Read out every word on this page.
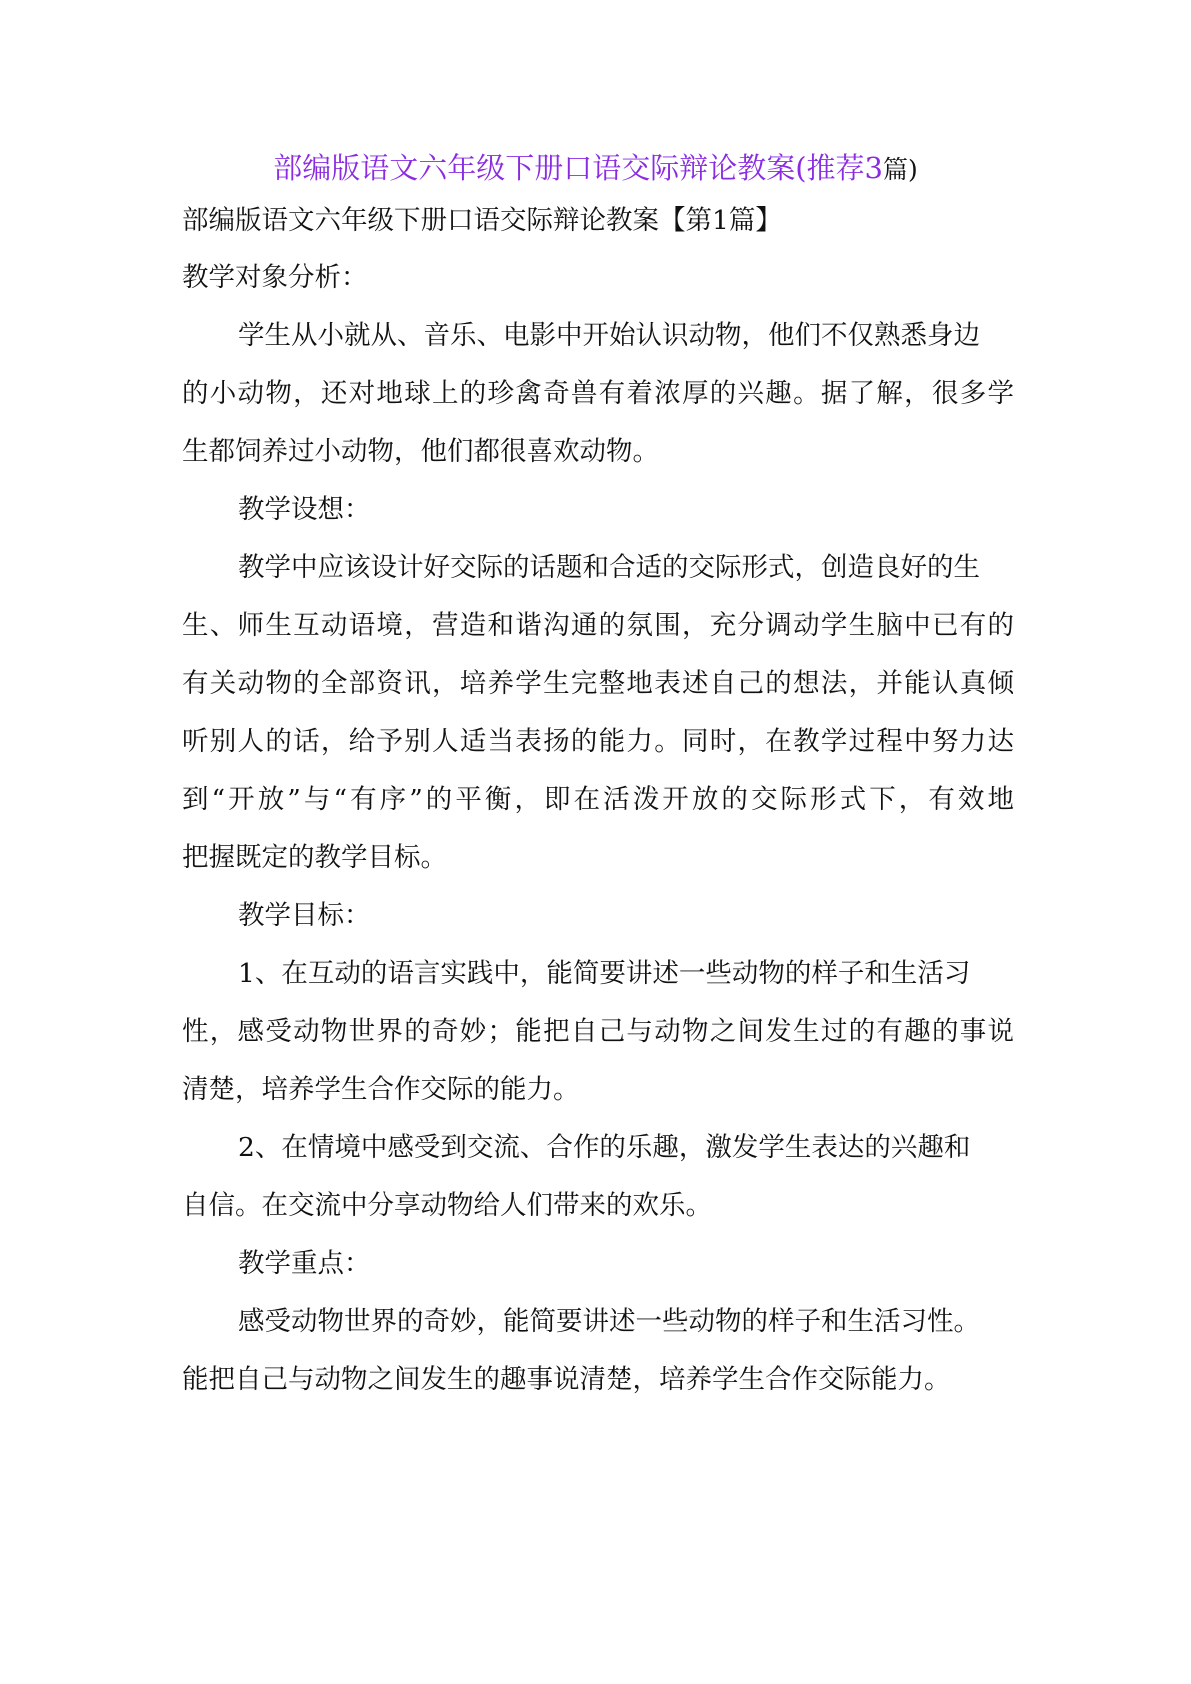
部编版语文六年级下册口语交际辩论教案(推荐3篇)
部编版语文六年级下册口语交际辩论教案【第1篇】
教学对象分析：
学生从小就从、音乐、电影中开始认识动物，他们不仅熟悉身边
的小动物，还对地球上的珍禽奇兽有着浓厚的兴趣。据了解，很多学
生都饲养过小动物，他们都很喜欢动物。
教学设想：
教学中应该设计好交际的话题和合适的交际形式，创造良好的生
生、师生互动语境，营造和谐沟通的氛围，充分调动学生脑中已有的
有关动物的全部资讯，培养学生完整地表述自己的想法，并能认真倾
听别人的话，给予别人适当表扬的能力。同时，在教学过程中努力达
到“开放”与“有序”的平衡，即在活泼开放的交际形式下，有效地
把握既定的教学目标。
教学目标：
1、在互动的语言实践中，能简要讲述一些动物的样子和生活习
性，感受动物世界的奇妙；能把自己与动物之间发生过的有趣的事说
清楚，培养学生合作交际的能力。
2、在情境中感受到交流、合作的乐趣，激发学生表达的兴趣和
自信。在交流中分享动物给人们带来的欢乐。
教学重点：
感受动物世界的奇妙，能简要讲述一些动物的样子和生活习性。
能把自己与动物之间发生的趣事说清楚，培养学生合作交际能力。
